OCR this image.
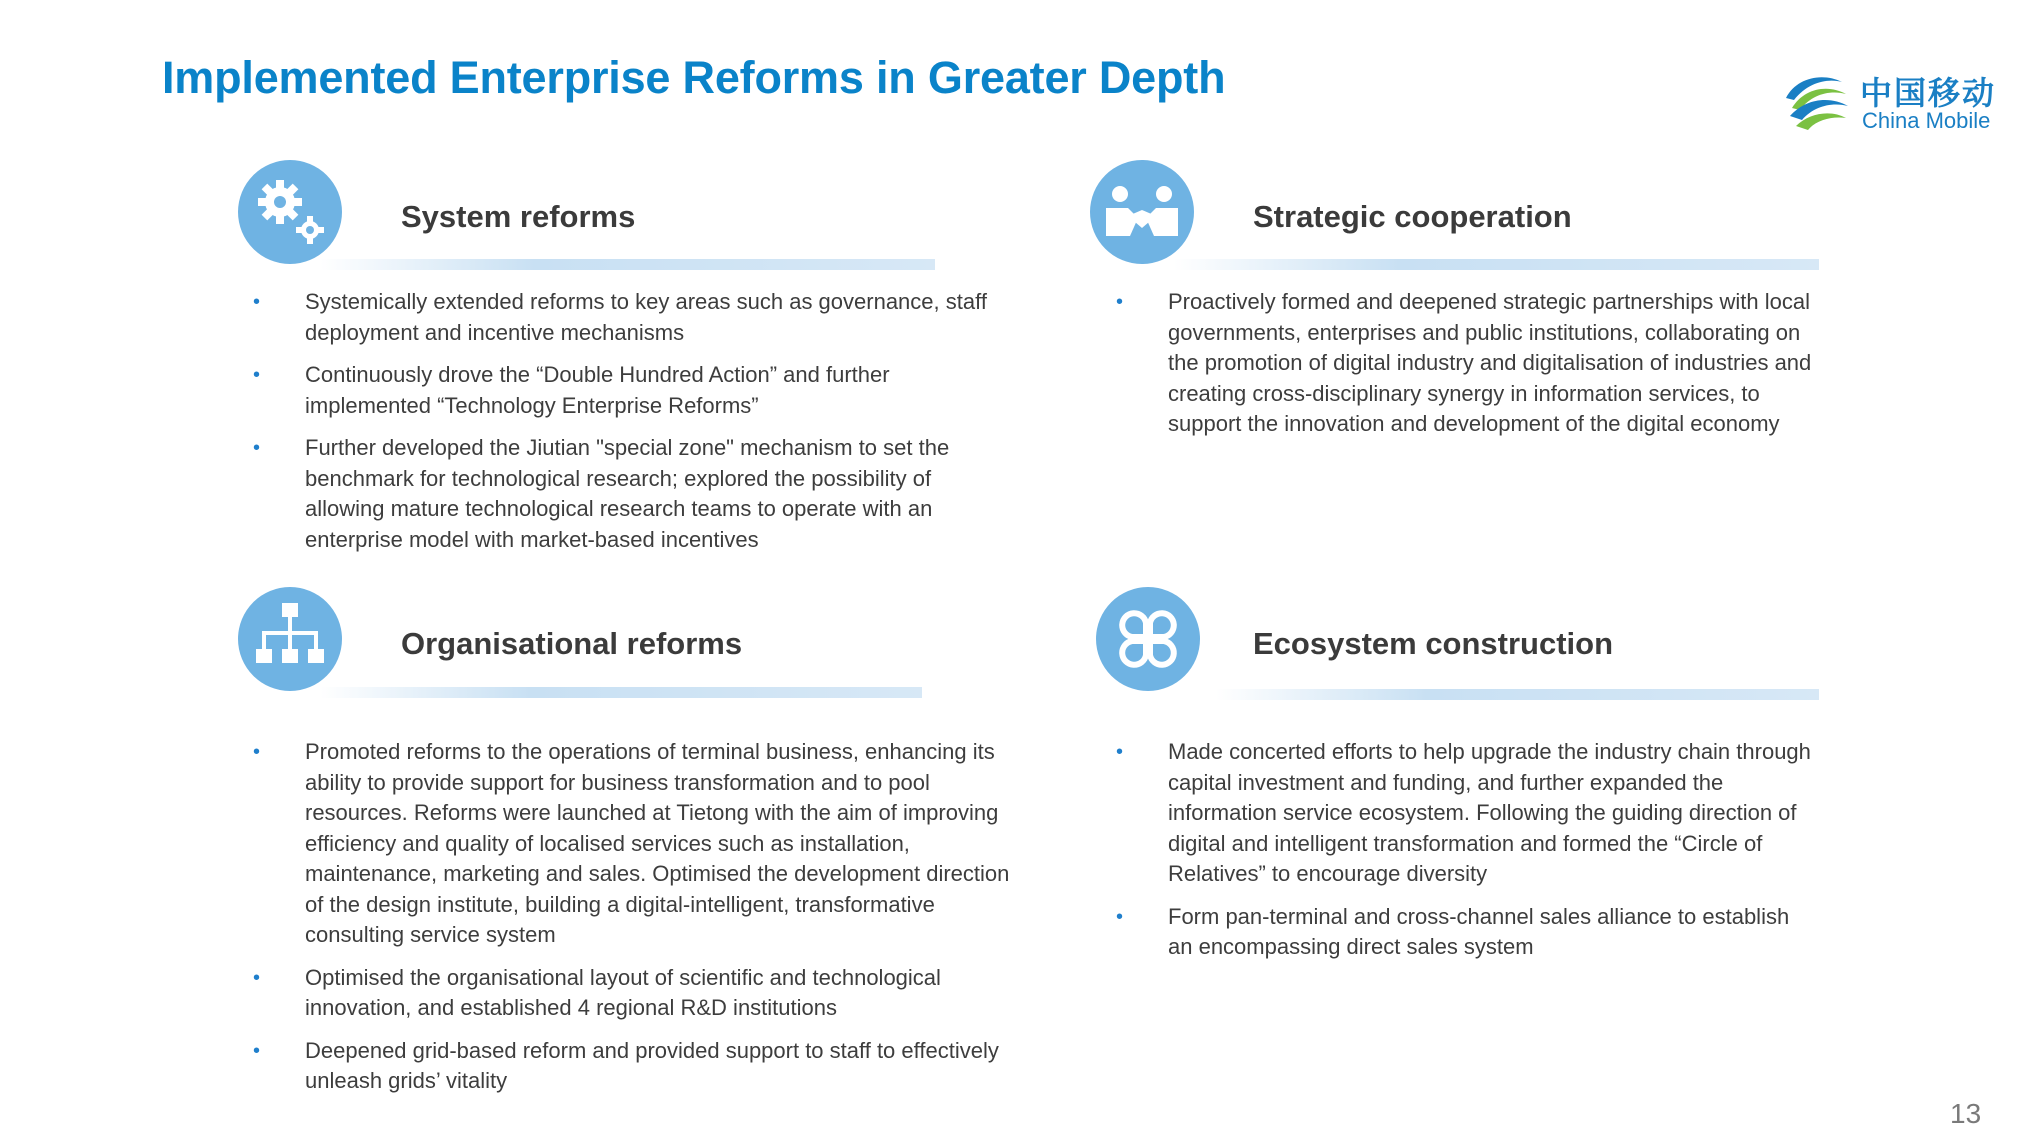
Implemented Enterprise Reforms in Greater Depth	中国移动
China Mobile
System reforms
• Systemically extended reforms to key areas such as governance, staff deployment and incentive mechanisms
• Continuously drove the “Double Hundred Action” and further implemented “Technology Enterprise Reforms”
• Further developed the Jiutian "special zone" mechanism to set the benchmark for technological research; explored the possibility of allowing mature technological research teams to operate with an enterprise model with market-based incentives
Strategic cooperation
• Proactively formed and deepened strategic partnerships with local governments, enterprises and public institutions, collaborating on the promotion of digital industry and digitalisation of industries and creating cross-disciplinary synergy in information services, to support the innovation and development of the digital economy
Organisational reforms
• Promoted reforms to the operations of terminal business, enhancing its ability to provide support for business transformation and to pool resources. Reforms were launched at Tietong with the aim of improving efficiency and quality of localised services such as installation, maintenance, marketing and sales. Optimised the development direction of the design institute, building a digital-intelligent, transformative consulting service system
• Optimised the organisational layout of scientific and technological innovation, and established 4 regional R&D institutions
• Deepened grid-based reform and provided support to staff to effectively unleash grids’ vitality
Ecosystem construction
• Made concerted efforts to help upgrade the industry chain through capital investment and funding, and further expanded the information service ecosystem. Following the guiding direction of digital and intelligent transformation and formed the “Circle of Relatives” to encourage diversity
• Form pan-terminal and cross-channel sales alliance to establish an encompassing direct sales system
13
